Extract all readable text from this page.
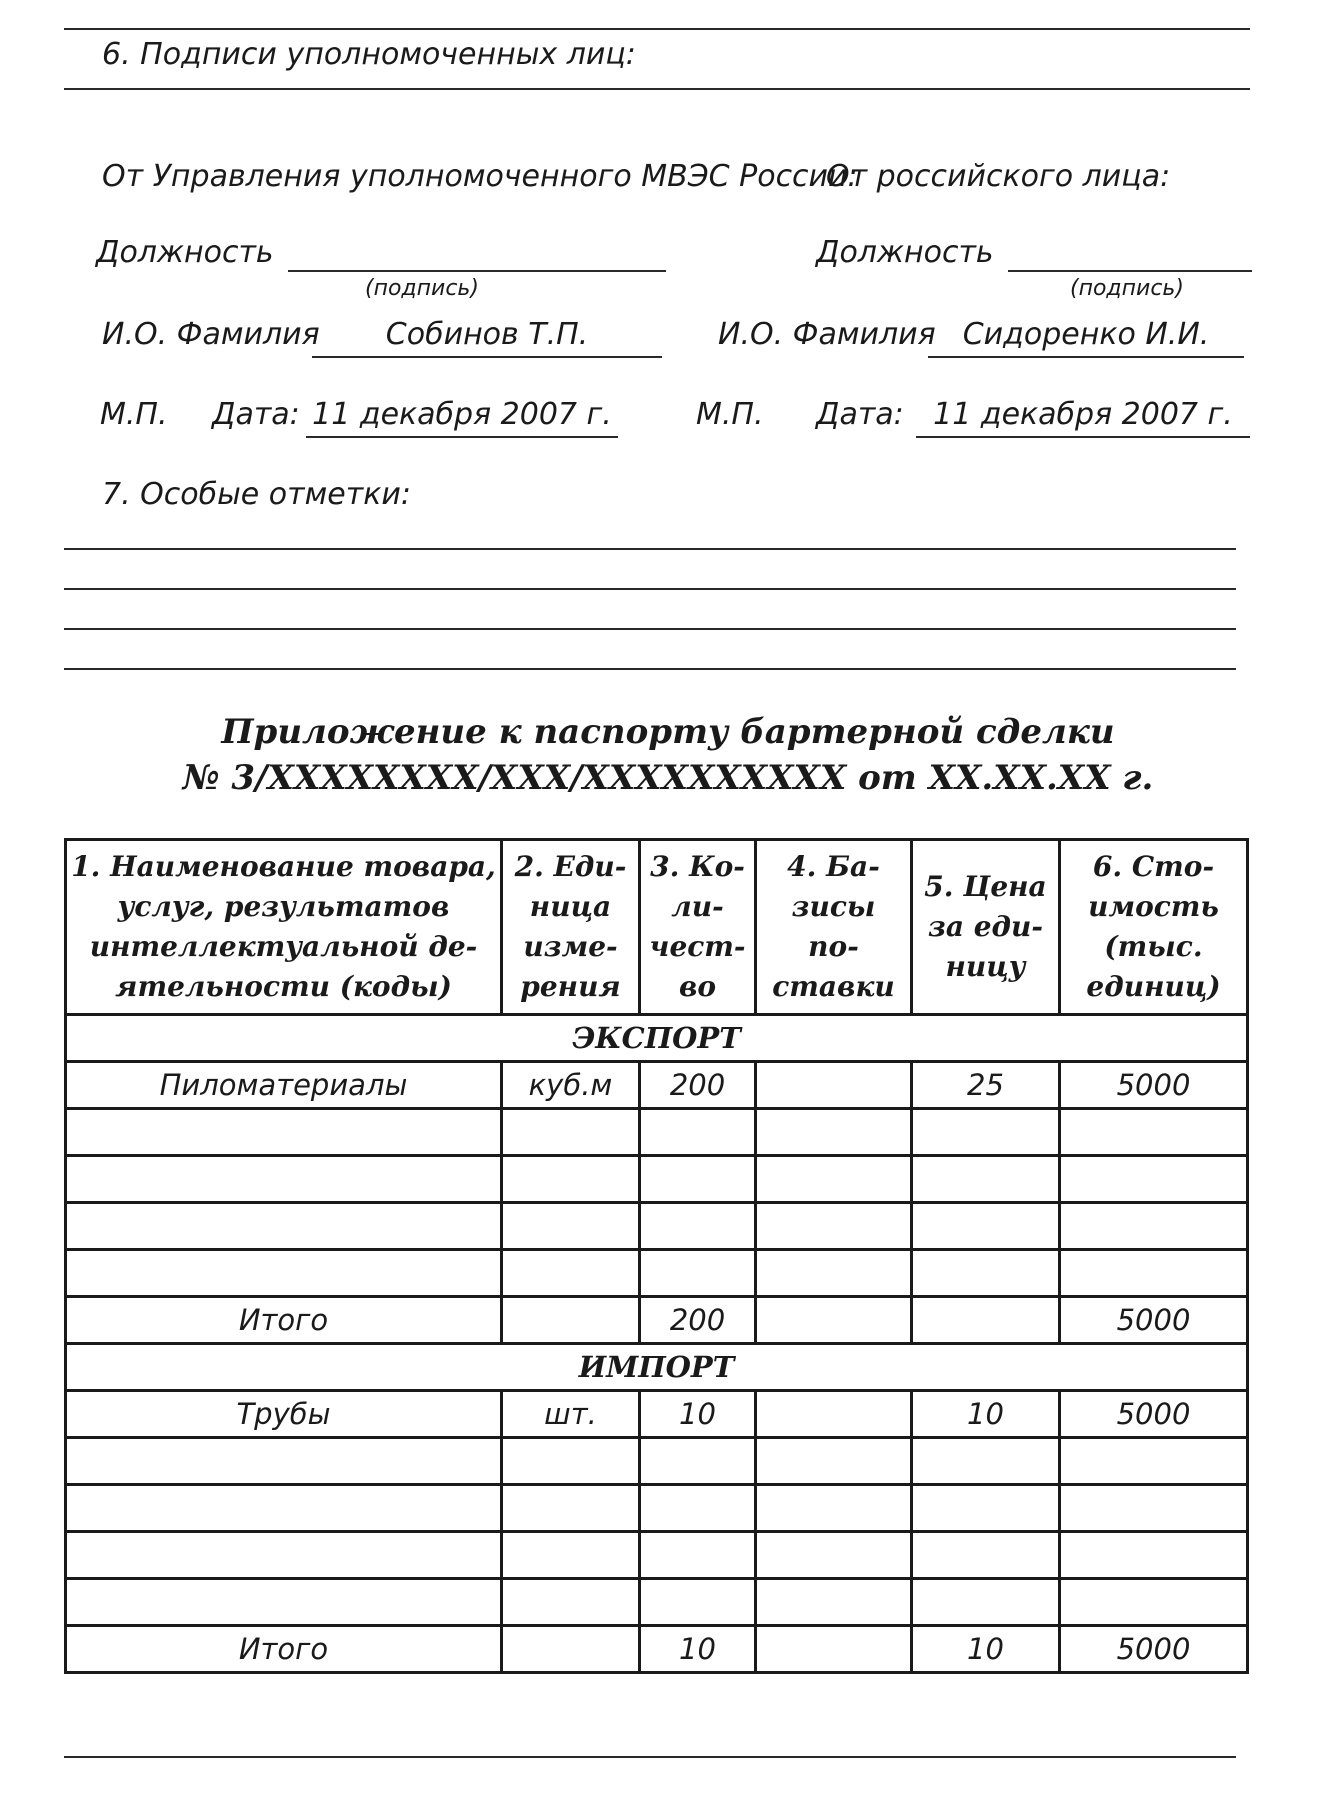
6. Подписи уполномоченных лиц:
От Управления уполномоченного МВЭС России:
Должность
(подпись)
И.О. Фамилия	Собинов Т.П.
М.П. Дата: 11 декабря 2007 г.
От российского лица:
Должность
(подпись)
И.О. Фамилия Сидоренко И.И.
М.П. Дата: 11 декабря 2007 г.
7. Особые отметки:
Приложение к паспорту бартерной сделки
№ 3/XXXXXXXX/XXX/XXXXXXXXXX от XX.XX.XX г.
1. Наименование товара,
услуг, результатов
интеллектуальной де-
ятельности (коды)	2. Еди-
ница
изме-
рения	3. Ко-
ли-
чест-
во	4. Ба-
зисы
по-
ставки	5. Цена
за еди-
ницу	6. Сто-
имость
(тыс.
единиц)
ЭКСПОРТ					
Пиломатериалы	куб.м	200		25	5000

Итого		200			5000
ИМПОРТ					
Трубы	шт.	10		10	5000

Итого		10		10	5000
